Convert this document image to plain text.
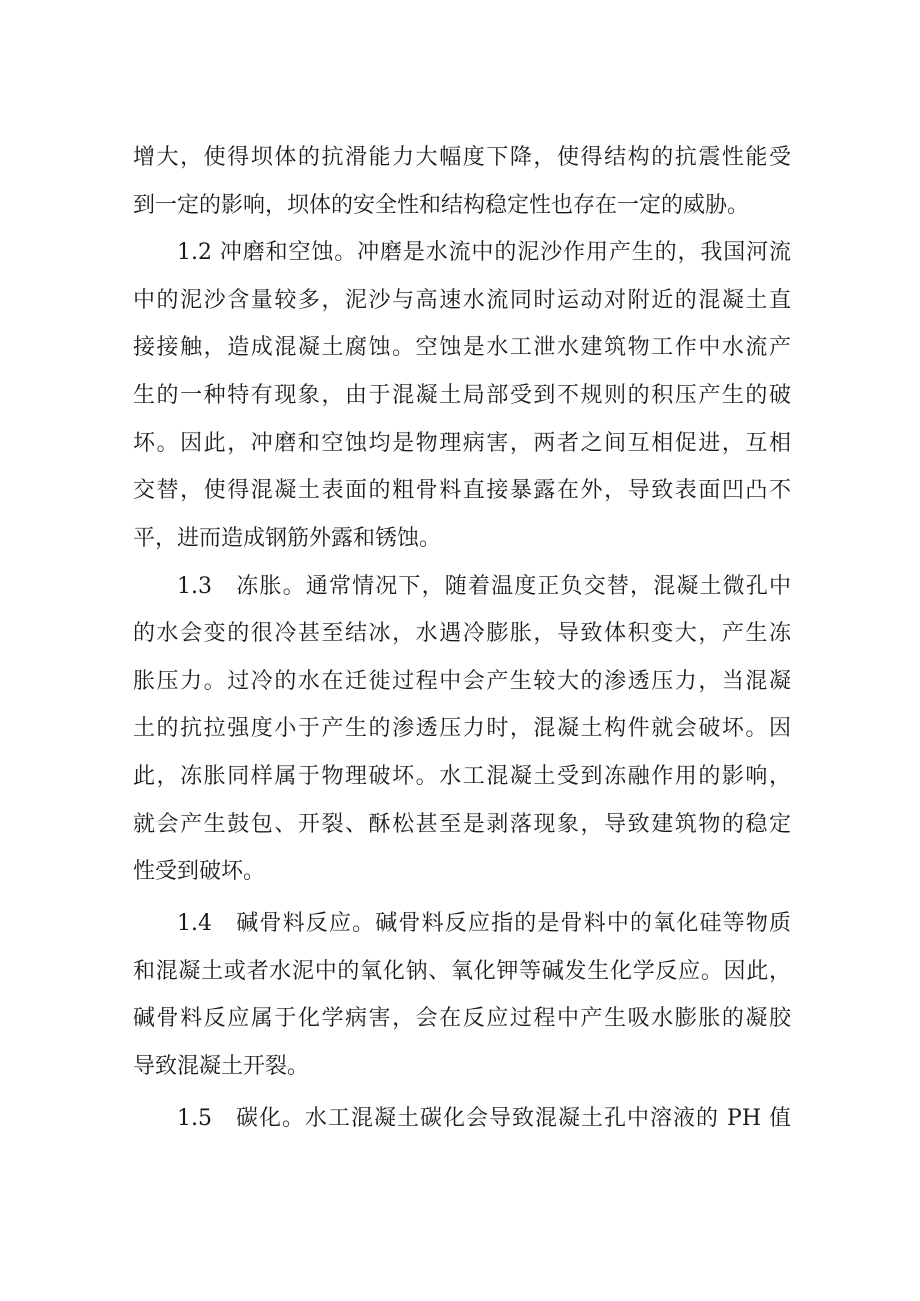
增大，使得坝体的抗滑能力大幅度下降，使得结构的抗震性能受
到一定的影响，坝体的安全性和结构稳定性也存在一定的威胁。
1.2 冲磨和空蚀。冲磨是水流中的泥沙作用产生的，我国河流
中的泥沙含量较多，泥沙与高速水流同时运动对附近的混凝土直
接接触，造成混凝土腐蚀。空蚀是水工泄水建筑物工作中水流产
生的一种特有现象，由于混凝土局部受到不规则的积压产生的破
坏。因此，冲磨和空蚀均是物理病害，两者之间互相促进，互相
交替，使得混凝土表面的粗骨料直接暴露在外，导致表面凹凸不
平，进而造成钢筋外露和锈蚀。
1.3　冻胀。通常情况下，随着温度正负交替，混凝土微孔中
的水会变的很冷甚至结冰，水遇冷膨胀，导致体积变大，产生冻
胀压力。过冷的水在迁徙过程中会产生较大的渗透压力，当混凝
土的抗拉强度小于产生的渗透压力时，混凝土构件就会破坏。因
此，冻胀同样属于物理破坏。水工混凝土受到冻融作用的影响，
就会产生鼓包、开裂、酥松甚至是剥落现象，导致建筑物的稳定
性受到破坏。
1.4　碱骨料反应。碱骨料反应指的是骨料中的氧化硅等物质
和混凝土或者水泥中的氧化钠、氧化钾等碱发生化学反应。因此，
碱骨料反应属于化学病害，会在反应过程中产生吸水膨胀的凝胶
导致混凝土开裂。
1.5　碳化。水工混凝土碳化会导致混凝土孔中溶液的 PH 值
